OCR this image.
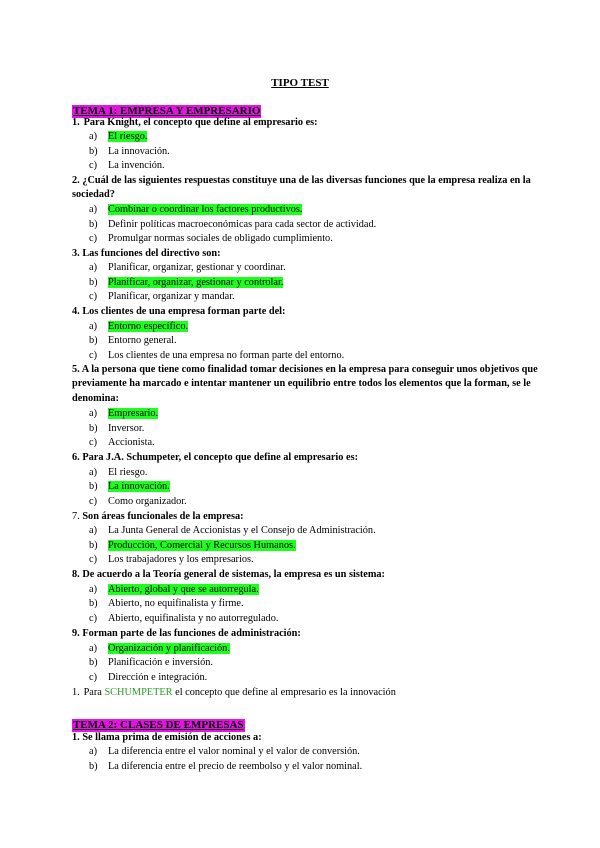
TIPO TEST
TEMA 1: EMPRESA Y EMPRESARIO
1. Para Knight, el concepto que define al empresario es:
a) El riesgo.
b) La innovación.
c) La invención.
2. ¿Cuál de las siguientes respuestas constituye una de las diversas funciones que la empresa realiza en la sociedad?
a) Combinar o coordinar los factores productivos.
b) Definir políticas macroeconómicas para cada sector de actividad.
c) Promulgar normas sociales de obligado cumplimiento.
3. Las funciones del directivo son:
a) Planificar, organizar, gestionar y coordinar.
b) Planificar, organizar, gestionar y controlar.
c) Planificar, organizar y mandar.
4. Los clientes de una empresa forman parte del:
a) Entorno específico.
b) Entorno general.
c) Los clientes de una empresa no forman parte del entorno.
5. A la persona que tiene como finalidad tomar decisiones en la empresa para conseguir unos objetivos que previamente ha marcado e intentar mantener un equilibrio entre todos los elementos que la forman, se le denomina:
a) Empresario.
b) Inversor.
c) Accionista.
6. Para J.A. Schumpeter, el concepto que define al empresario es:
a) El riesgo.
b) La innovación.
c) Como organizador.
7. Son áreas funcionales de la empresa:
a) La Junta General de Accionistas y el Consejo de Administración.
b) Producción, Comercial y Recursos Humanos.
c) Los trabajadores y los empresarios.
8. De acuerdo a la Teoría general de sistemas, la empresa es un sistema:
a) Abierto, global y que se autorregula.
b) Abierto, no equifinalista y firme.
c) Abierto, equifinalista y no autorregulado.
9. Forman parte de las funciones de administración:
a) Organización y planificación.
b) Planificación e inversión.
c) Dirección e integración.
1. Para SCHUMPETER el concepto que define al empresario es la innovación
TEMA 2: CLASES DE EMPRESAS
1. Se llama prima de emisión de acciones a:
a) La diferencia entre el valor nominal y el valor de conversión.
b) La diferencia entre el precio de reembolso y el valor nominal.
